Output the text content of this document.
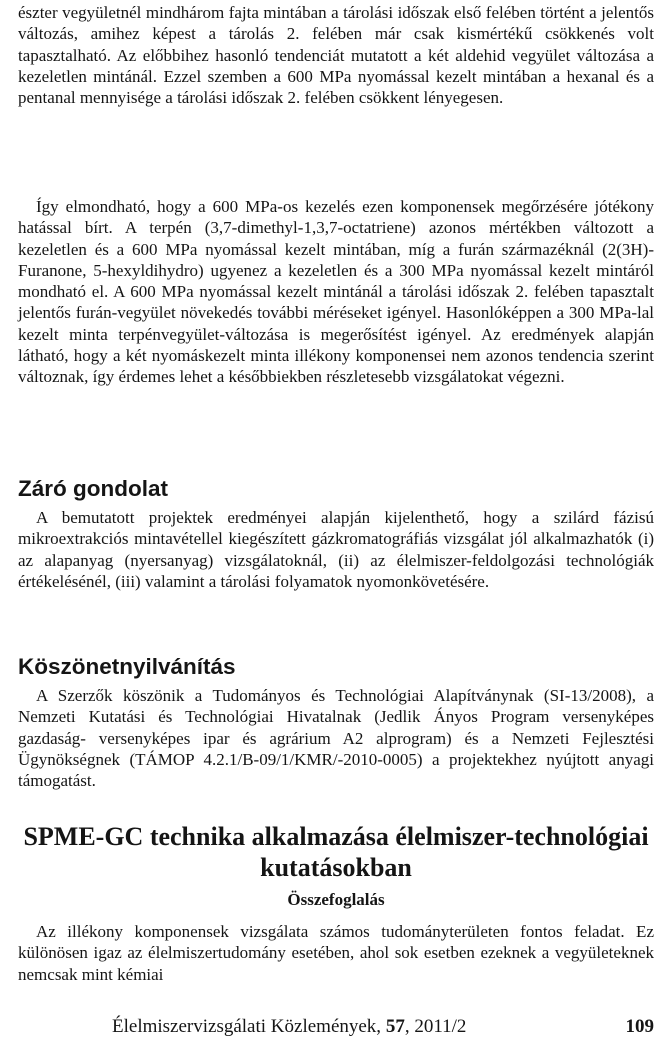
észter vegyületnél mindhárom fajta mintában a tárolási időszak első felében történt a jelentős változás, amihez képest a tárolás 2. felében már csak kismértékű csökkenés volt tapasztalható. Az előbbihez hasonló tendenciát mutatott a két aldehid vegyület változása a kezeletlen mintánál. Ezzel szemben a 600 MPa nyomással kezelt mintában a hexanal és a pentanal mennyisége a tárolási időszak 2. felében csökkent lényegesen.

Így elmondható, hogy a 600 MPa-os kezelés ezen komponensek megőrzésére jótékony hatással bírt. A terpén (3,7-dimethyl-1,3,7-octatriene) azonos mértékben változott a kezeletlen és a 600 MPa nyomással kezelt mintában, míg a furán származéknál (2(3H)-Furanone, 5-hexyldihydro) ugyenez a kezeletlen és a 300 MPa nyomással kezelt mintáról mondható el. A 600 MPa nyomással kezelt mintánál a tárolási időszak 2. felében tapasztalt jelentős furán-vegyület növekedés további méréseket igényel. Hasonlóképpen a 300 MPa-lal kezelt minta terpénvegyület-változása is megerősítést igényel. Az eredmények alapján látható, hogy a két nyomáskezelt minta illékony komponensei nem azonos tendencia szerint változnak, így érdemes lehet a későbbiekben részletesebb vizsgálatokat végezni.

Záró gondolat

A bemutatott projektek eredményei alapján kijelenthető, hogy a szilárd fázisú mikroextrakciós mintavétellel kiegészített gázkromatográfiás vizsgálat jól alkalmazhatók (i) az alapanyag (nyersanyag) vizsgálatoknál, (ii) az élelmiszer-feldolgozási technológiák értékelésénél, (iii) valamint a tárolási folyamatok nyomonkövetésére.

Köszönetnyilvánítás

A Szerzők köszönik a Tudományos és Technológiai Alapítványnak (SI-13/2008), a Nemzeti Kutatási és Technológiai Hivatalnak (Jedlik Ányos Program versenyképes gazdaság- versenyképes ipar és agrárium A2 alprogram) és a Nemzeti Fejlesztési Ügynökségnek (TÁMOP 4.2.1/B-09/1/KMR/-2010-0005) a projektekhez nyújtott anyagi támogatást.

SPME-GC technika alkalmazása élelmiszer-technológiai kutatásokban
Összefoglalás

Az illékony komponensek vizsgálata számos tudományterületen fontos feladat. Ez különösen igaz az élelmiszertudomány esetében, ahol sok esetben ezeknek a vegyületeknek nemcsak mint kémiai

Élelmiszervizsgálati Közlemények, 57, 2011/2	109
